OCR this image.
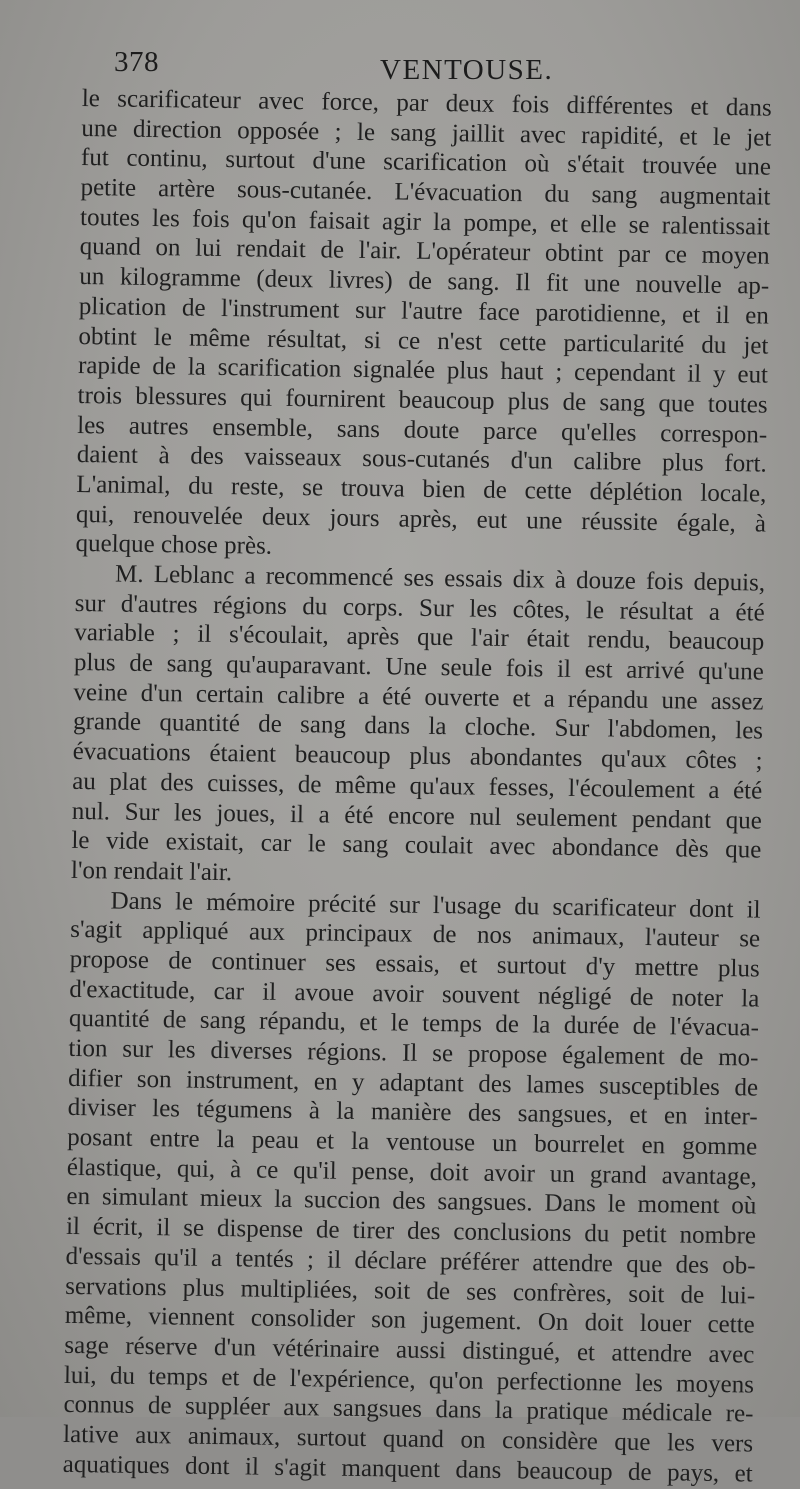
378	VENTOUSE.
le scarificateur avec force, par deux fois différentes et dans
une direction opposée ; le sang jaillit avec rapidité, et le jet
fut continu, surtout d'une scarification où s'était trouvée une
petite artère sous-cutanée. L'évacuation du sang augmentait
toutes les fois qu'on faisait agir la pompe, et elle se ralentissait
quand on lui rendait de l'air. L'opérateur obtint par ce moyen
un kilogramme (deux livres) de sang. Il fit une nouvelle ap-
plication de l'instrument sur l'autre face parotidienne, et il en
obtint le même résultat, si ce n'est cette particularité du jet
rapide de la scarification signalée plus haut ; cependant il y eut
trois blessures qui fournirent beaucoup plus de sang que toutes
les autres ensemble, sans doute parce qu'elles correspon-
daient à des vaisseaux sous-cutanés d'un calibre plus fort.
L'animal, du reste, se trouva bien de cette déplétion locale,
qui, renouvelée deux jours après, eut une réussite égale, à
quelque chose près.
M. Leblanc a recommencé ses essais dix à douze fois depuis,
sur d'autres régions du corps. Sur les côtes, le résultat a été
variable ; il s'écoulait, après que l'air était rendu, beaucoup
plus de sang qu'auparavant. Une seule fois il est arrivé qu'une
veine d'un certain calibre a été ouverte et a répandu une assez
grande quantité de sang dans la cloche. Sur l'abdomen, les
évacuations étaient beaucoup plus abondantes qu'aux côtes ;
au plat des cuisses, de même qu'aux fesses, l'écoulement a été
nul. Sur les joues, il a été encore nul seulement pendant que
le vide existait, car le sang coulait avec abondance dès que
l'on rendait l'air.
Dans le mémoire précité sur l'usage du scarificateur dont il
s'agit appliqué aux principaux de nos animaux, l'auteur se
propose de continuer ses essais, et surtout d'y mettre plus
d'exactitude, car il avoue avoir souvent négligé de noter la
quantité de sang répandu, et le temps de la durée de l'évacua-
tion sur les diverses régions. Il se propose également de mo-
difier son instrument, en y adaptant des lames susceptibles de
diviser les tégumens à la manière des sangsues, et en inter-
posant entre la peau et la ventouse un bourrelet en gomme
élastique, qui, à ce qu'il pense, doit avoir un grand avantage,
en simulant mieux la succion des sangsues. Dans le moment où
il écrit, il se dispense de tirer des conclusions du petit nombre
d'essais qu'il a tentés ; il déclare préférer attendre que des ob-
servations plus multipliées, soit de ses confrères, soit de lui-
même, viennent consolider son jugement. On doit louer cette
sage réserve d'un vétérinaire aussi distingué, et attendre avec
lui, du temps et de l'expérience, qu'on perfectionne les moyens
connus de suppléer aux sangsues dans la pratique médicale re-
lative aux animaux, surtout quand on considère que les vers
aquatiques dont il s'agit manquent dans beaucoup de pays, et
